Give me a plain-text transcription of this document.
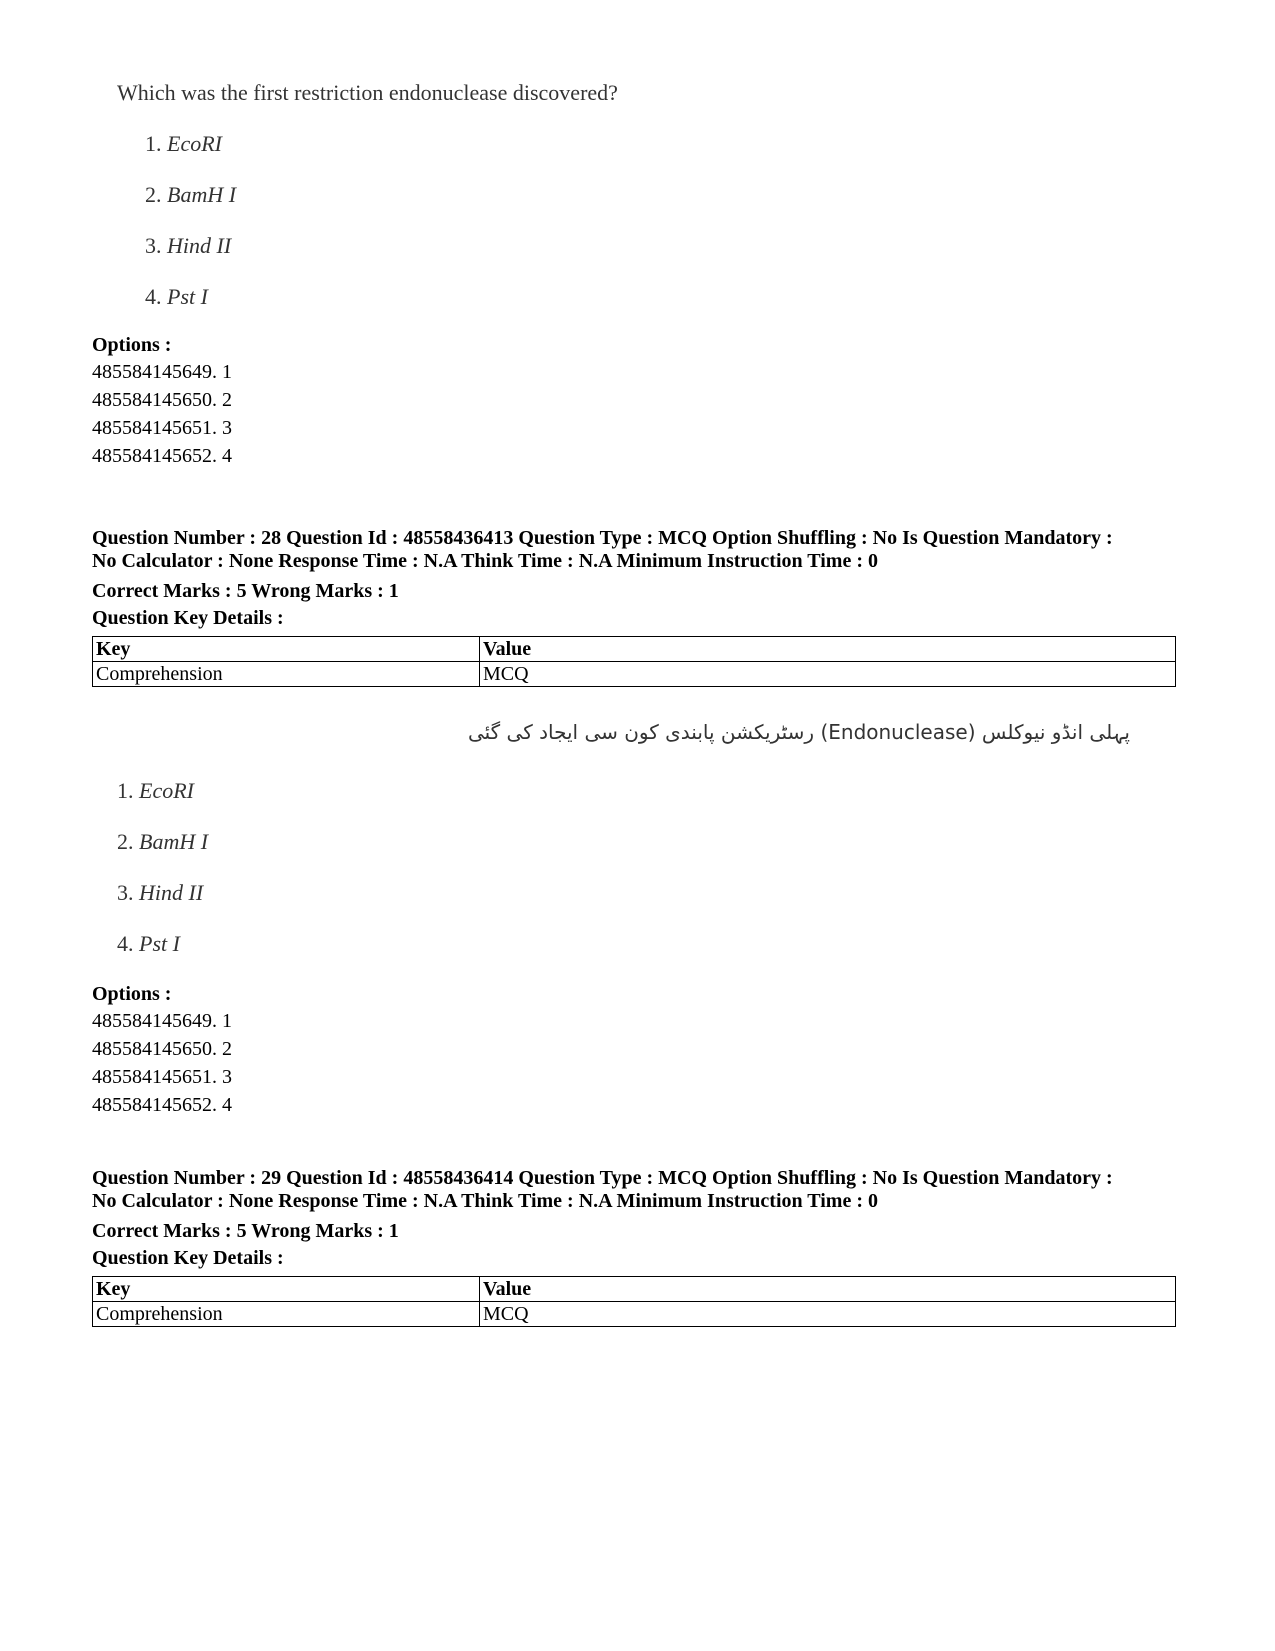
Which was the first restriction endonuclease discovered?
1. EcoRI
2. BamH I
3. Hind II
4. Pst I
Options :
485584145649. 1
485584145650. 2
485584145651. 3
485584145652. 4
Question Number : 28 Question Id : 48558436413 Question Type : MCQ Option Shuffling : No Is Question Mandatory :
No Calculator : None Response Time : N.A Think Time : N.A Minimum Instruction Time : 0
Correct Marks : 5 Wrong Marks : 1
Question Key Details :
Key	Value
Comprehension	MCQ
پہلی انڈو نیوکلس (Endonuclease) رسٹریکشن پابندی کون سی ایجاد کی گئی
1. EcoRI
2. BamH I
3. Hind II
4. Pst I
Options :
485584145649. 1
485584145650. 2
485584145651. 3
485584145652. 4
Question Number : 29 Question Id : 48558436414 Question Type : MCQ Option Shuffling : No Is Question Mandatory :
No Calculator : None Response Time : N.A Think Time : N.A Minimum Instruction Time : 0
Correct Marks : 5 Wrong Marks : 1
Question Key Details :
Key	Value
Comprehension	MCQ
